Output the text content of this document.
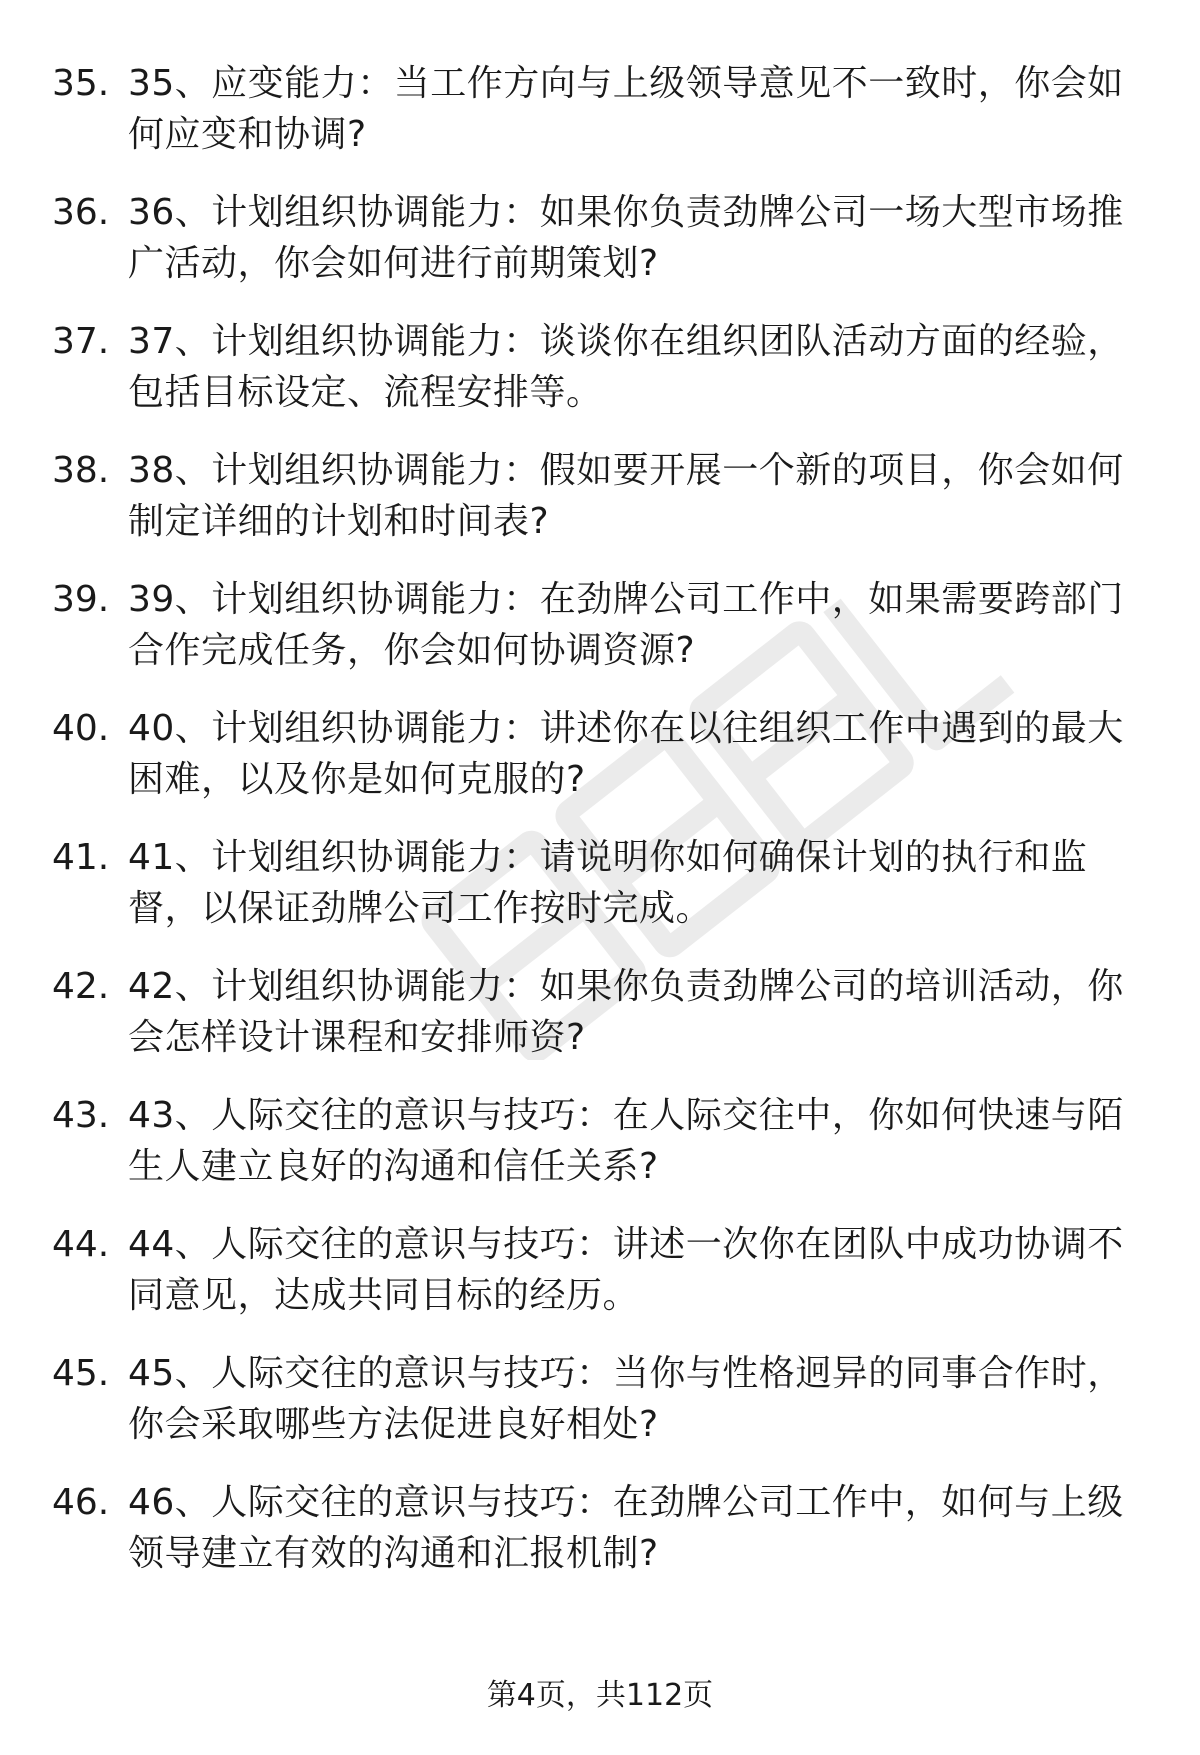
35. 35、应变能力：当工作方向与上级领导意见不一致时，你会如何应变和协调?
36. 36、计划组织协调能力：如果你负责劲牌公司一场大型市场推广活动，你会如何进行前期策划?
37. 37、计划组织协调能力：谈谈你在组织团队活动方面的经验，包括目标设定、流程安排等。
38. 38、计划组织协调能力：假如要开展一个新的项目，你会如何制定详细的计划和时间表?
39. 39、计划组织协调能力：在劲牌公司工作中，如果需要跨部门合作完成任务，你会如何协调资源?
40. 40、计划组织协调能力：讲述你在以往组织工作中遇到的最大困难，以及你是如何克服的?
41. 41、计划组织协调能力：请说明你如何确保计划的执行和监督，以保证劲牌公司工作按时完成。
42. 42、计划组织协调能力：如果你负责劲牌公司的培训活动，你会怎样设计课程和安排师资?
43. 43、人际交往的意识与技巧：在人际交往中，你如何快速与陌生人建立良好的沟通和信任关系?
44. 44、人际交往的意识与技巧：讲述一次你在团队中成功协调不同意见，达成共同目标的经历。
45. 45、人际交往的意识与技巧：当你与性格迥异的同事合作时，你会采取哪些方法促进良好相处?
46. 46、人际交往的意识与技巧：在劲牌公司工作中，如何与上级领导建立有效的沟通和汇报机制?
第4页，共112页
